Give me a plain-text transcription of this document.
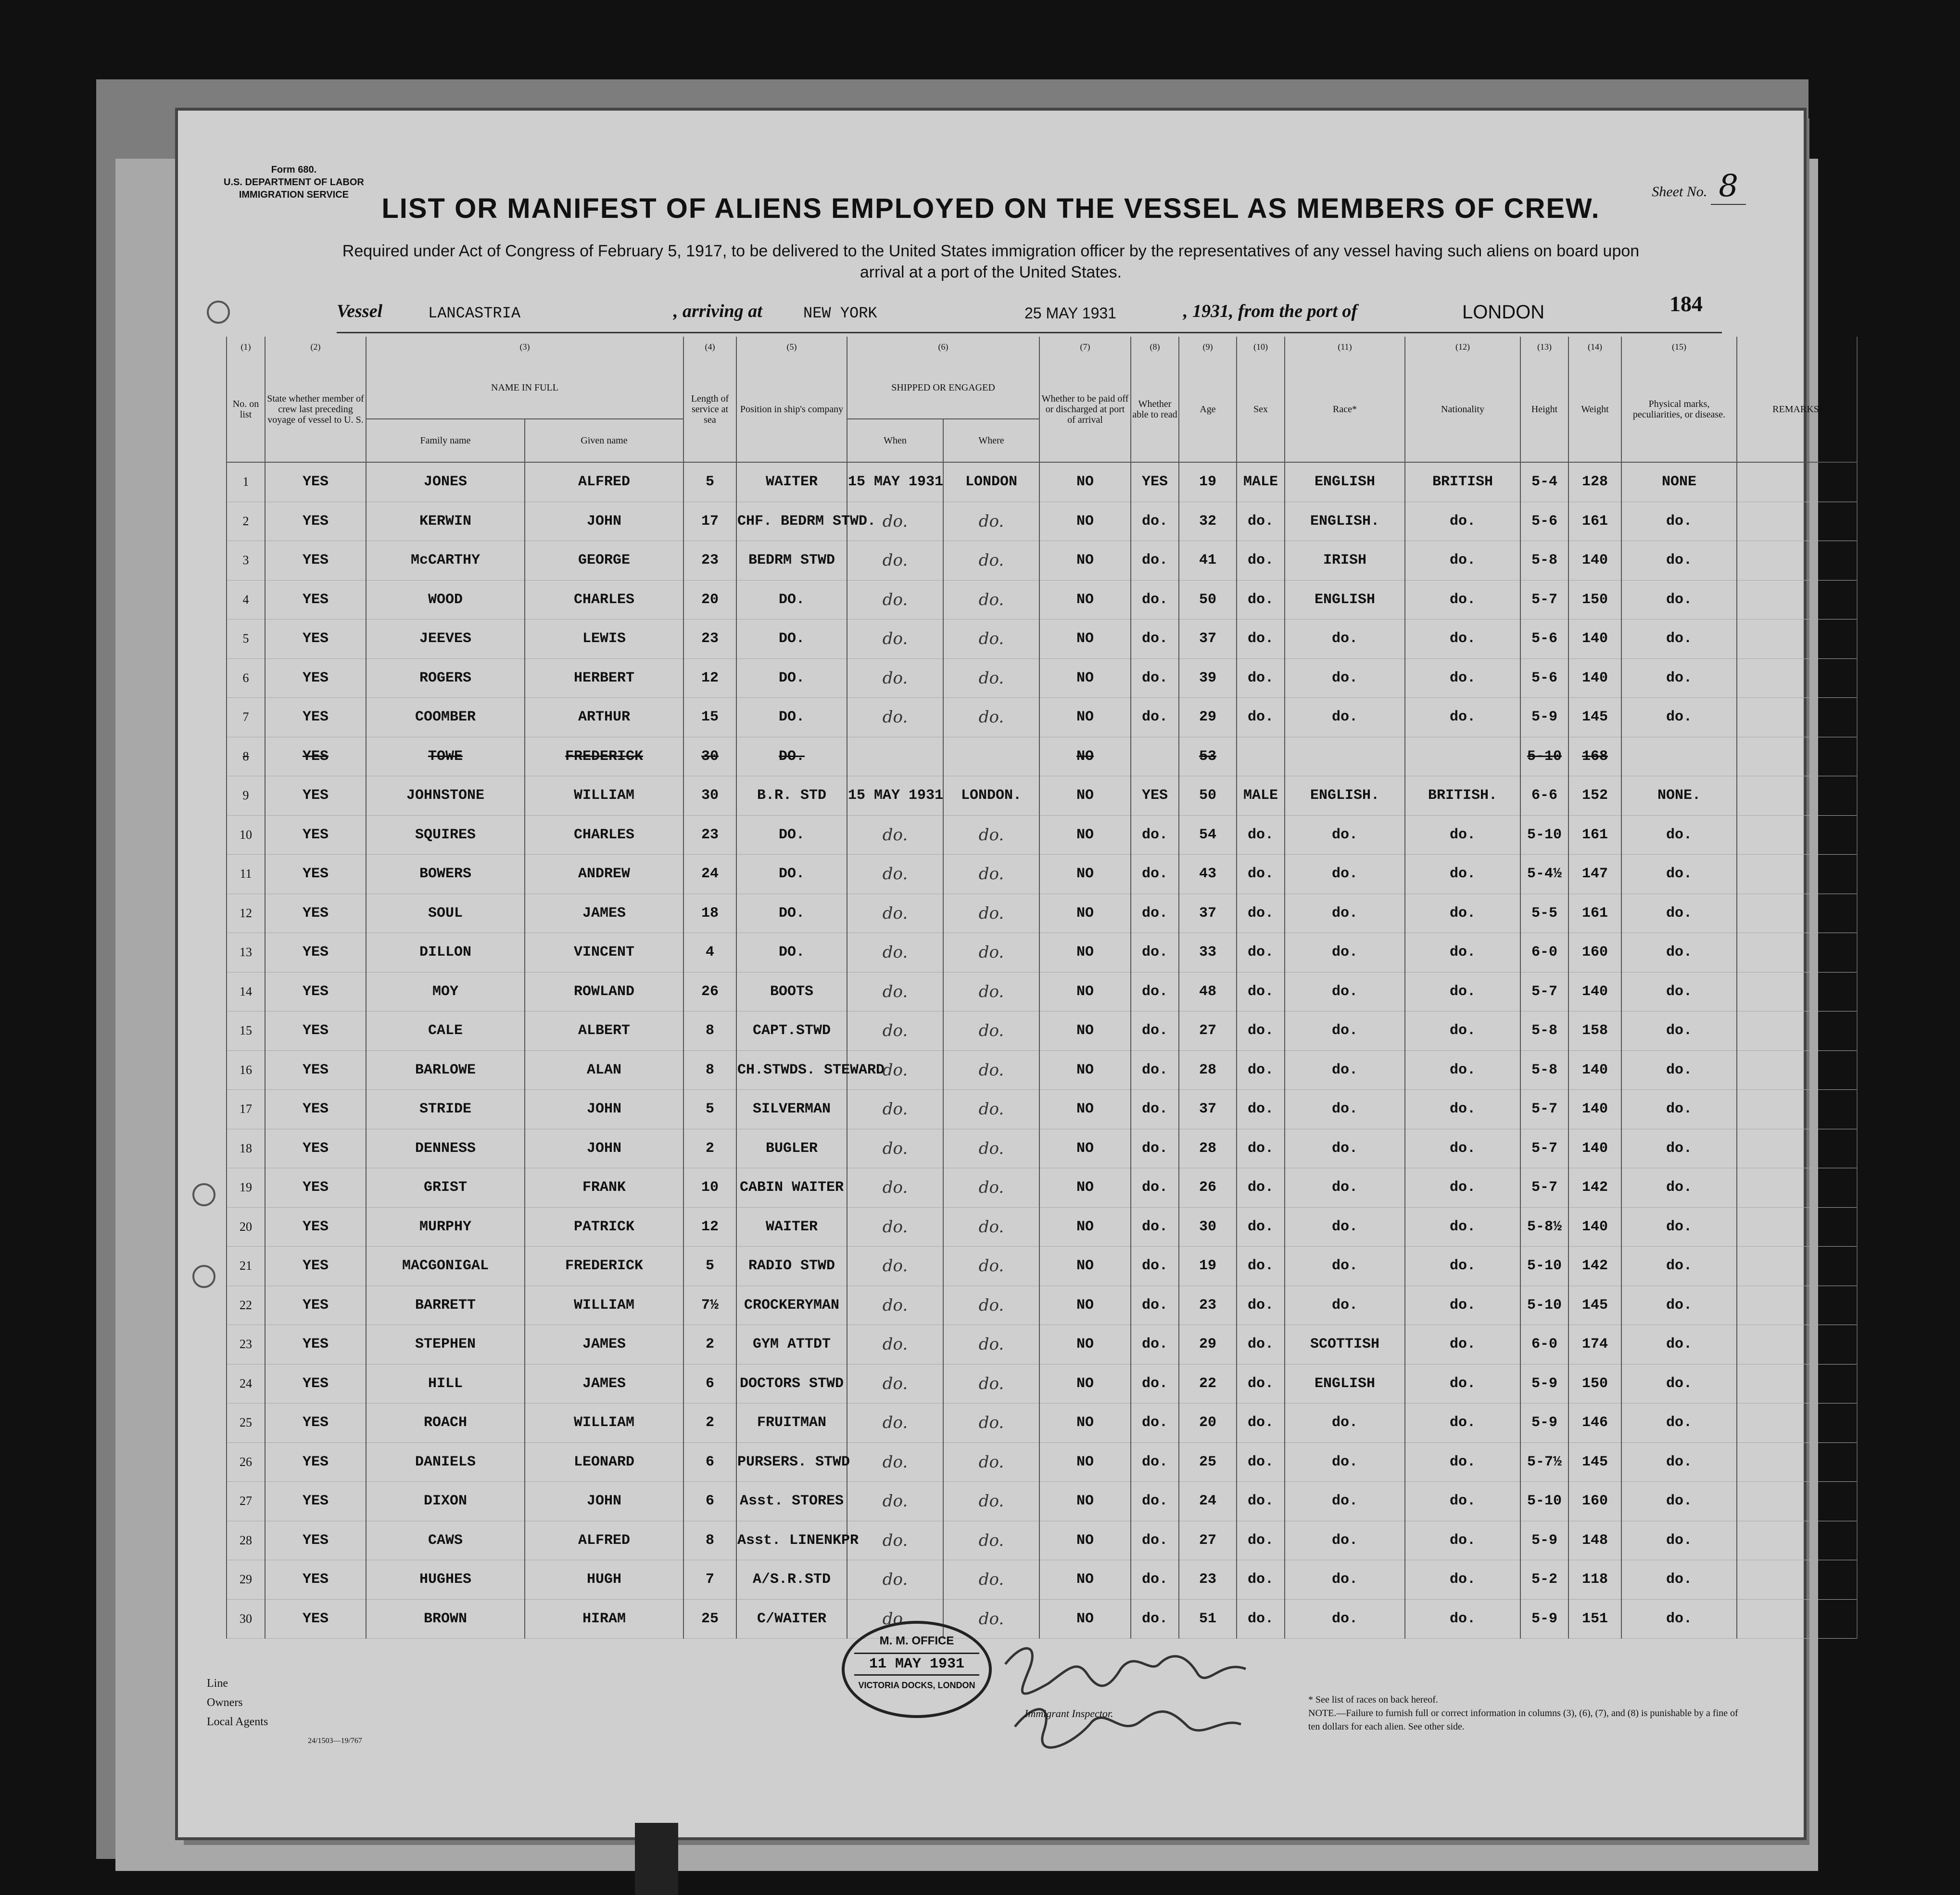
Form 680.
U.S. DEPARTMENT OF LABOR
IMMIGRATION SERVICE	Sheet No. 8
LIST OR MANIFEST OF ALIENS EMPLOYED ON THE VESSEL AS MEMBERS OF CREW.
Required under Act of Congress of February 5, 1917, to be delivered to the United States immigration officer by the representatives of any vessel having such aliens on board upon arrival at a port of the United States.
184
Vessel	LANCASTRIA	, arriving at	NEW YORK	25 MAY 1931	, 1931, from the port of	LONDON
(1)	(2)	(3)		(4)	(5)	(6)		(7)	(8)	(9)	(10)	(11)	(12)	(13)	(14)	(15)	
No. on list	State whether member of crew last preceding voyage of vessel to U. S.	NAME IN FULL		Length of service at sea	Position in ship's company	SHIPPED OR ENGAGED		Whether to be paid off or discharged at port of arrival	Whether able to read	Age	Sex	Race*	Nationality	Height	Weight	Physical marks, peculiarities, or disease.	REMARKS.
		Family name	Given name			When	Where										
1	YES	JONES	ALFRED	5	WAITER	15 MAY 1931	LONDON	NO	YES	19	MALE	ENGLISH	BRITISH	5-4	128	NONE	
2	YES	KERWIN	JOHN	17	CHF. BEDRM STWD.	do.	do.	NO	do.	32	do.	ENGLISH.	do.	5-6	161	do.	
3	YES	McCARTHY	GEORGE	23	BEDRM STWD	do.	do.	NO	do.	41	do.	IRISH	do.	5-8	140	do.	
4	YES	WOOD	CHARLES	20	DO.	do.	do.	NO	do.	50	do.	ENGLISH	do.	5-7	150	do.	
5	YES	JEEVES	LEWIS	23	DO.	do.	do.	NO	do.	37	do.	do.	do.	5-6	140	do.	
6	YES	ROGERS	HERBERT	12	DO.	do.	do.	NO	do.	39	do.	do.	do.	5-6	140	do.	
7	YES	COOMBER	ARTHUR	15	DO.	do.	do.	NO	do.	29	do.	do.	do.	5-9	145	do.	
8	YES	TOWE	FREDERICK	30	DO.			NO		53				5-10	168		
9	YES	JOHNSTONE	WILLIAM	30	B.R. STD	15 MAY 1931	LONDON.	NO	YES	50	MALE	ENGLISH.	BRITISH.	6-6	152	NONE.	
10	YES	SQUIRES	CHARLES	23	DO.	do.	do.	NO	do.	54	do.	do.	do.	5-10	161	do.	
11	YES	BOWERS	ANDREW	24	DO.	do.	do.	NO	do.	43	do.	do.	do.	5-4½	147	do.	
12	YES	SOUL	JAMES	18	DO.	do.	do.	NO	do.	37	do.	do.	do.	5-5	161	do.	
13	YES	DILLON	VINCENT	4	DO.	do.	do.	NO	do.	33	do.	do.	do.	6-0	160	do.	
14	YES	MOY	ROWLAND	26	BOOTS	do.	do.	NO	do.	48	do.	do.	do.	5-7	140	do.	
15	YES	CALE	ALBERT	8	CAPT.STWD	do.	do.	NO	do.	27	do.	do.	do.	5-8	158	do.	
16	YES	BARLOWE	ALAN	8	CH.STWDS. STEWARD	do.	do.	NO	do.	28	do.	do.	do.	5-8	140	do.	
17	YES	STRIDE	JOHN	5	SILVERMAN	do.	do.	NO	do.	37	do.	do.	do.	5-7	140	do.	
18	YES	DENNESS	JOHN	2	BUGLER	do.	do.	NO	do.	28	do.	do.	do.	5-7	140	do.	
19	YES	GRIST	FRANK	10	CABIN WAITER	do.	do.	NO	do.	26	do.	do.	do.	5-7	142	do.	
20	YES	MURPHY	PATRICK	12	WAITER	do.	do.	NO	do.	30	do.	do.	do.	5-8½	140	do.	
21	YES	MACGONIGAL	FREDERICK	5	RADIO STWD	do.	do.	NO	do.	19	do.	do.	do.	5-10	142	do.	
22	YES	BARRETT	WILLIAM	7½	CROCKERYMAN	do.	do.	NO	do.	23	do.	do.	do.	5-10	145	do.	
23	YES	STEPHEN	JAMES	2	GYM ATTDT	do.	do.	NO	do.	29	do.	SCOTTISH	do.	6-0	174	do.	
24	YES	HILL	JAMES	6	DOCTORS STWD	do.	do.	NO	do.	22	do.	ENGLISH	do.	5-9	150	do.	
25	YES	ROACH	WILLIAM	2	FRUITMAN	do.	do.	NO	do.	20	do.	do.	do.	5-9	146	do.	
26	YES	DANIELS	LEONARD	6	PURSERS. STWD	do.	do.	NO	do.	25	do.	do.	do.	5-7½	145	do.	
27	YES	DIXON	JOHN	6	Asst. STORES	do.	do.	NO	do.	24	do.	do.	do.	5-10	160	do.	
28	YES	CAWS	ALFRED	8	Asst. LINENKPR	do.	do.	NO	do.	27	do.	do.	do.	5-9	148	do.	
29	YES	HUGHES	HUGH	7	A/S.R.STD	do.	do.	NO	do.	23	do.	do.	do.	5-2	118	do.	
30	YES	BROWN	HIRAM	25	C/WAITER	do.	do.	NO	do.	51	do.	do.	do.	5-9	151	do.	
Line
Owners
Local Agents
24/1503—19/767
M. M. OFFICE
11 MAY 1931
VICTORIA DOCKS, LONDON
Immigrant Inspector.
* See list of races on back hereof.
NOTE.—Failure to furnish full or correct information in columns (3), (6), (7), and (8) is punishable by a fine of ten dollars for each alien. See other side.
